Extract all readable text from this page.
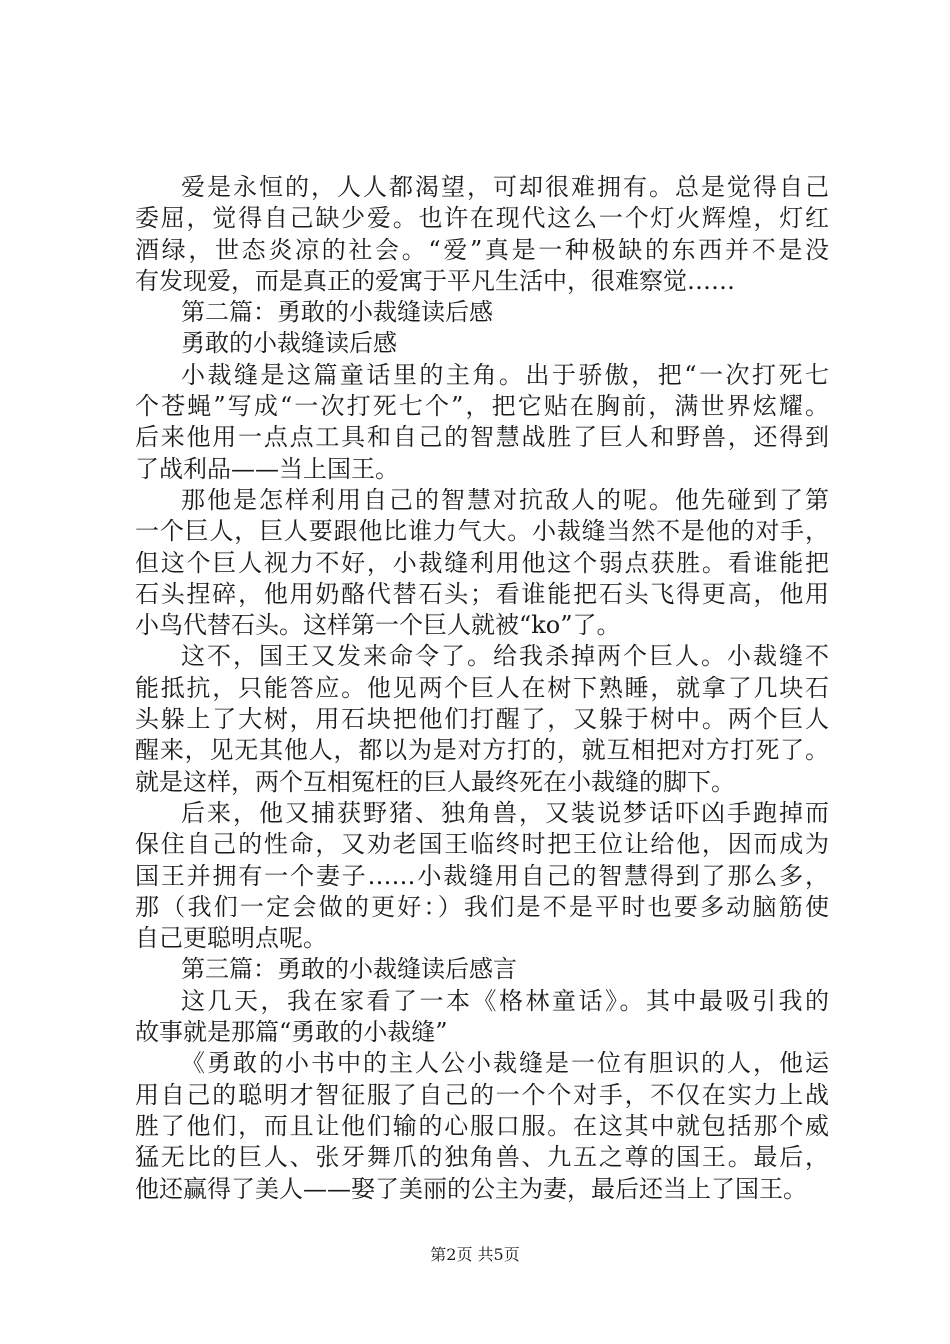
爱是永恒的，人人都渴望，可却很难拥有。总是觉得自己
委屈，觉得自己缺少爱。也许在现代这么一个灯火辉煌，灯红
酒绿，世态炎凉的社会。“爱”真是一种极缺的东西并不是没
有发现爱，而是真正的爱寓于平凡生活中，很难察觉……
第二篇：勇敢的小裁缝读后感
勇敢的小裁缝读后感
小裁缝是这篇童话里的主角。出于骄傲，把“一次打死七
个苍蝇”写成“一次打死七个”，把它贴在胸前，满世界炫耀。
后来他用一点点工具和自己的智慧战胜了巨人和野兽，还得到
了战利品——当上国王。
那他是怎样利用自己的智慧对抗敌人的呢。他先碰到了第
一个巨人，巨人要跟他比谁力气大。小裁缝当然不是他的对手，
但这个巨人视力不好，小裁缝利用他这个弱点获胜。看谁能把
石头捏碎，他用奶酪代替石头；看谁能把石头飞得更高，他用
小鸟代替石头。这样第一个巨人就被“ko”了。
这不，国王又发来命令了。给我杀掉两个巨人。小裁缝不
能抵抗，只能答应。他见两个巨人在树下熟睡，就拿了几块石
头躲上了大树，用石块把他们打醒了，又躲于树中。两个巨人
醒来，见无其他人，都以为是对方打的，就互相把对方打死了。
就是这样，两个互相冤枉的巨人最终死在小裁缝的脚下。
后来，他又捕获野猪、独角兽，又装说梦话吓凶手跑掉而
保住自己的性命，又劝老国王临终时把王位让给他，因而成为
国王并拥有一个妻子……小裁缝用自己的智慧得到了那么多，
那（我们一定会做的更好：）我们是不是平时也要多动脑筋使
自己更聪明点呢。
第三篇：勇敢的小裁缝读后感言
这几天，我在家看了一本《格林童话》。其中最吸引我的
故事就是那篇“勇敢的小裁缝”
《勇敢的小书中的主人公小裁缝是一位有胆识的人，他运
用自己的聪明才智征服了自己的一个个对手，不仅在实力上战
胜了他们，而且让他们输的心服口服。在这其中就包括那个威
猛无比的巨人、张牙舞爪的独角兽、九五之尊的国王。最后，
他还赢得了美人——娶了美丽的公主为妻，最后还当上了国王。
第2页 共5页
